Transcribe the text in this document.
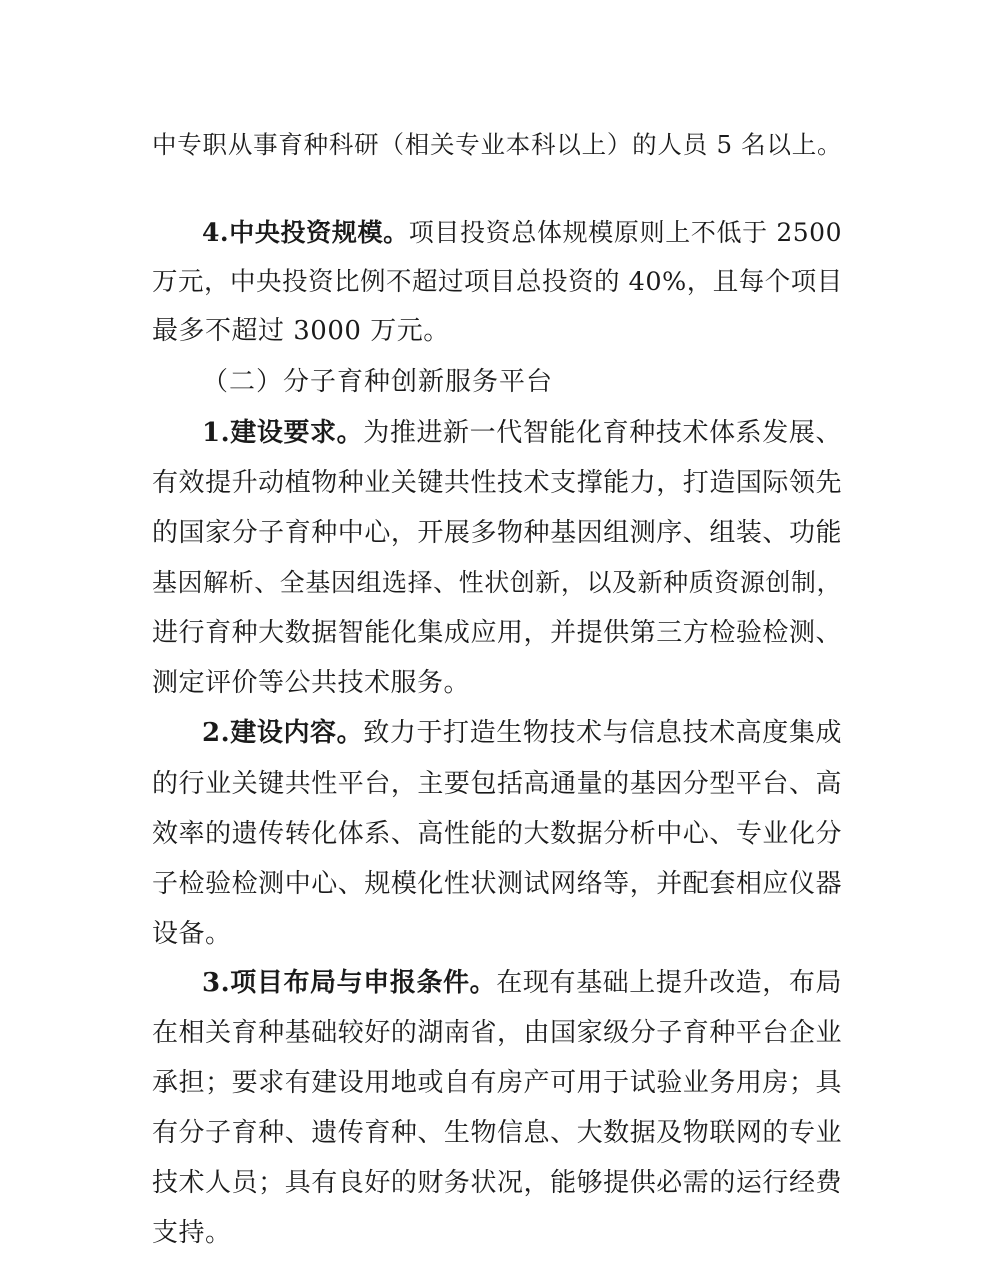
中专职从事育种科研（相关专业本科以上）的人员 5 名以上。
4.中央投资规模。项目投资总体规模原则上不低于 2500
万元，中央投资比例不超过项目总投资的 40%，且每个项目
最多不超过 3000 万元。
（二）分子育种创新服务平台
1.建设要求。为推进新一代智能化育种技术体系发展、
有效提升动植物种业关键共性技术支撑能力，打造国际领先
的国家分子育种中心，开展多物种基因组测序、组装、功能
基因解析、全基因组选择、性状创新，以及新种质资源创制，
进行育种大数据智能化集成应用，并提供第三方检验检测、
测定评价等公共技术服务。
2.建设内容。致力于打造生物技术与信息技术高度集成
的行业关键共性平台，主要包括高通量的基因分型平台、高
效率的遗传转化体系、高性能的大数据分析中心、专业化分
子检验检测中心、规模化性状测试网络等，并配套相应仪器
设备。
3.项目布局与申报条件。在现有基础上提升改造，布局
在相关育种基础较好的湖南省，由国家级分子育种平台企业
承担；要求有建设用地或自有房产可用于试验业务用房；具
有分子育种、遗传育种、生物信息、大数据及物联网的专业
技术人员；具有良好的财务状况，能够提供必需的运行经费
支持。
